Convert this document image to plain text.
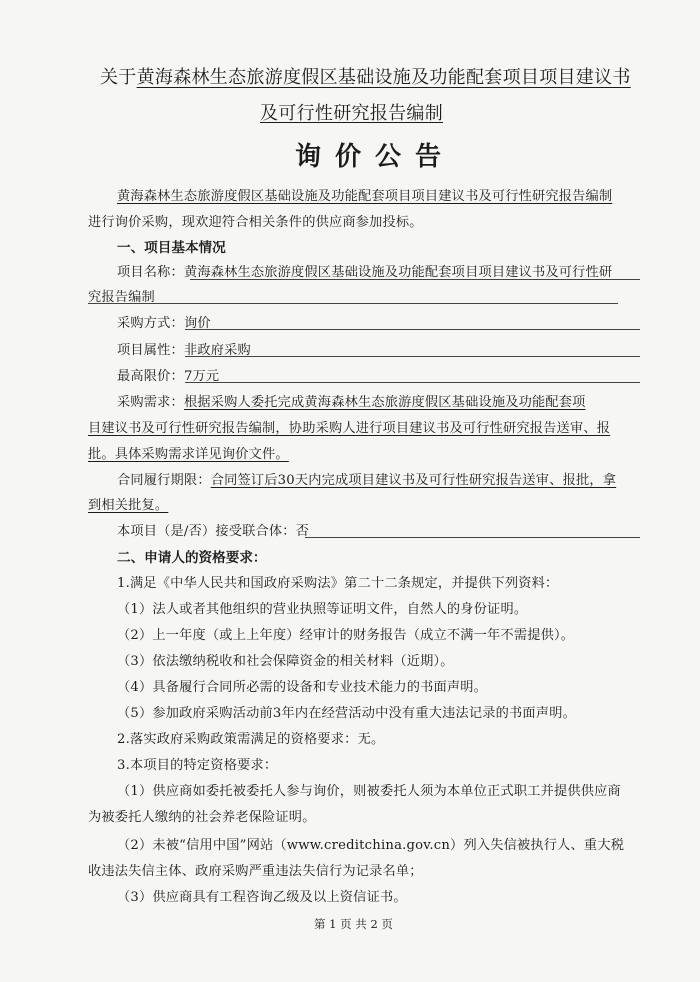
关于黄海森林生态旅游度假区基础设施及功能配套项目项目建议书
及可行性研究报告编制
询价公告
黄海森林生态旅游度假区基础设施及功能配套项目项目建议书及可行性研究报告编制
进行询价采购，现欢迎符合相关条件的供应商参加投标。
一、项目基本情况
项目名称：黄海森林生态旅游度假区基础设施及功能配套项目项目建议书及可行性研
究报告编制
采购方式：询价
项目属性：非政府采购
最高限价：7万元
采购需求：根据采购人委托完成黄海森林生态旅游度假区基础设施及功能配套项
目建议书及可行性研究报告编制，协助采购人进行项目建议书及可行性研究报告送审、报
批。具体采购需求详见询价文件。
合同履行期限：合同签订后30天内完成项目建议书及可行性研究报告送审、报批，拿
到相关批复。
本项目（是/否）接受联合体：否
二、申请人的资格要求：
1.满足《中华人民共和国政府采购法》第二十二条规定，并提供下列资料：
（1）法人或者其他组织的营业执照等证明文件，自然人的身份证明。
（2）上一年度（或上上年度）经审计的财务报告（成立不满一年不需提供）。
（3）依法缴纳税收和社会保障资金的相关材料（近期）。
（4）具备履行合同所必需的设备和专业技术能力的书面声明。
（5）参加政府采购活动前3年内在经营活动中没有重大违法记录的书面声明。
2.落实政府采购政策需满足的资格要求：无。
3.本项目的特定资格要求：
（1）供应商如委托被委托人参与询价，则被委托人须为本单位正式职工并提供供应商
为被委托人缴纳的社会养老保险证明。
（2）未被“信用中国”网站（www.creditchina.gov.cn）列入失信被执行人、重大税
收违法失信主体、政府采购严重违法失信行为记录名单；
（3）供应商具有工程咨询乙级及以上资信证书。
第 1 页 共 2 页
